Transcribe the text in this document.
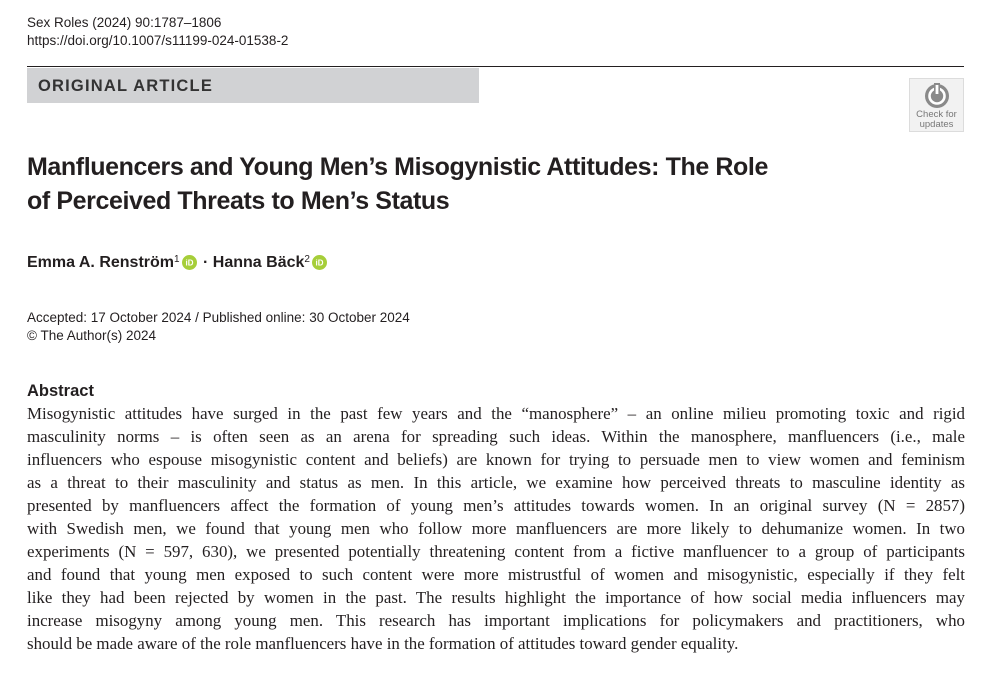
Sex Roles (2024) 90:1787–1806
https://doi.org/10.1007/s11199-024-01538-2
ORIGINAL ARTICLE
Check for
updates
Manfluencers and Young Men’s Misogynistic Attitudes: The Role
of Perceived Threats to Men’s Status
Emma A. Renström$^1$ iD · Hanna Bäck$^2$ iD
Accepted: 17 October 2024 / Published online: 30 October 2024
© The Author(s) 2024
Abstract
Misogynistic attitudes have surged in the past few years and the “manosphere” – an online milieu promoting toxic and rigid
masculinity norms – is often seen as an arena for spreading such ideas. Within the manosphere, manfluencers (i.e., male
influencers who espouse misogynistic content and beliefs) are known for trying to persuade men to view women and feminism
as a threat to their masculinity and status as men. In this article, we examine how perceived threats to masculine identity as
presented by manfluencers affect the formation of young men’s attitudes towards women. In an original survey (N = 2857)
with Swedish men, we found that young men who follow more manfluencers are more likely to dehumanize women. In two
experiments (N = 597, 630), we presented potentially threatening content from a fictive manfluencer to a group of participants
and found that young men exposed to such content were more mistrustful of women and misogynistic, especially if they felt
like they had been rejected by women in the past. The results highlight the importance of how social media influencers may
increase misogyny among young men. This research has important implications for policymakers and practitioners, who
should be made aware of the role manfluencers have in the formation of attitudes toward gender equality.
